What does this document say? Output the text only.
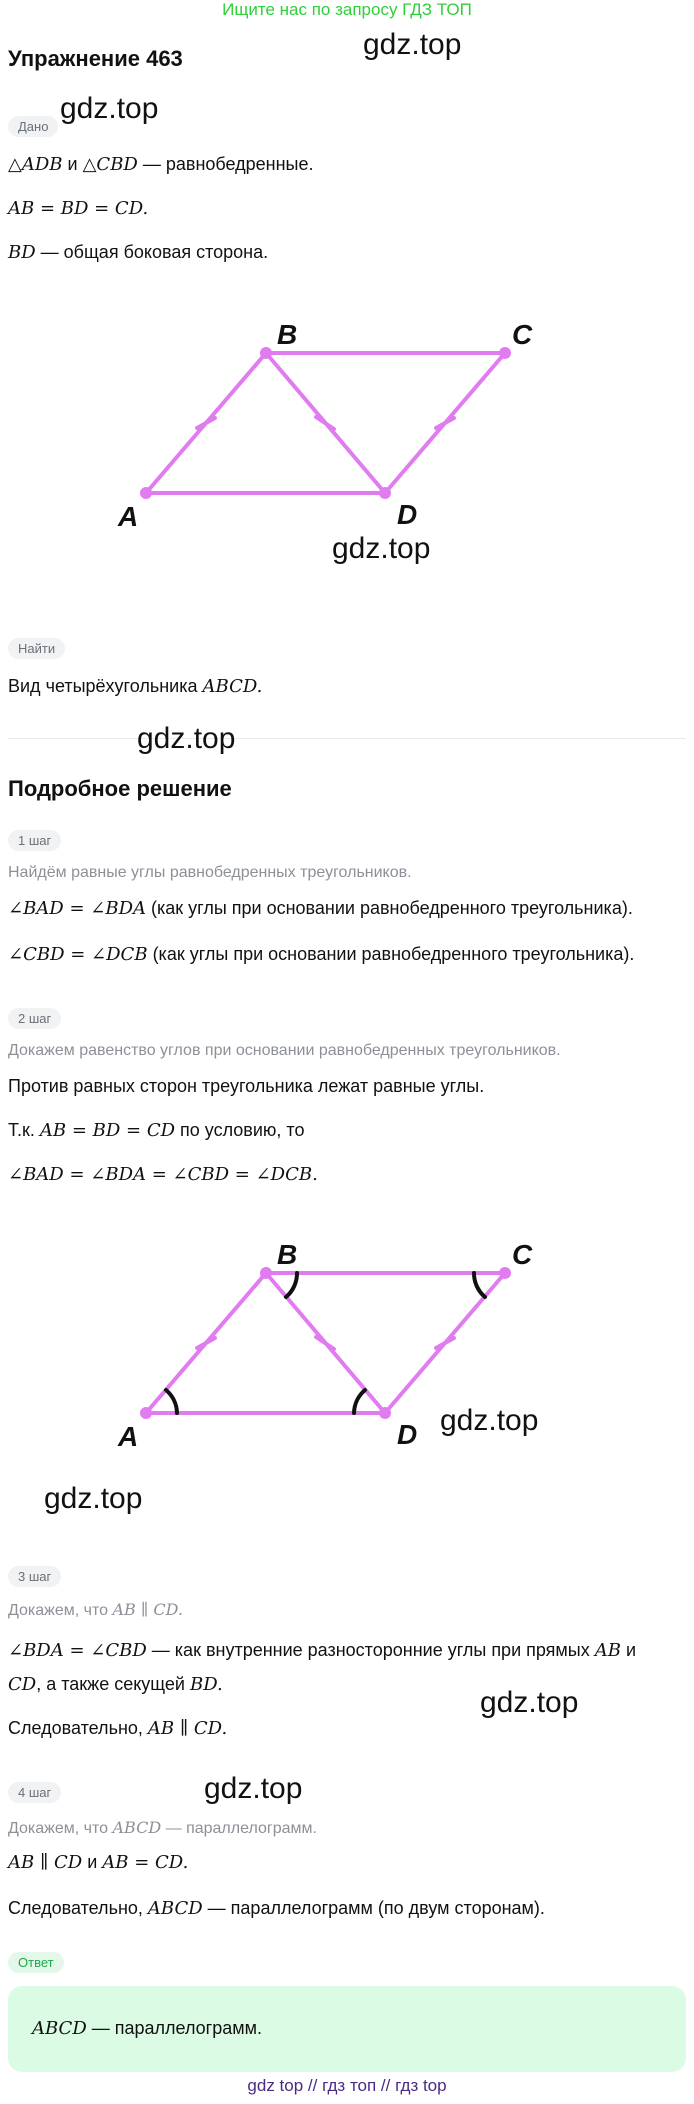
Ищите нас по запросу ГДЗ ТОП
Упражнение 463	gdz.top
Дано
gdz.top
△ADB и △CBD — равнобедренные.
AB = BD = CD.
BD — общая боковая сторона.
A
B	C
D
gdz.top
Найти
Вид четырёхугольника ABCD.
gdz.top
Подробное решение
1 шаг
Найдём равные углы равнобедренных треугольников.
∠BAD = ∠BDA (как углы при основании равнобедренного треугольника).
∠CBD = ∠DCB (как углы при основании равнобедренного треугольника).
2 шаг
Докажем равенство углов при основании равнобедренных треугольников.
Против равных сторон треугольника лежат равные углы.
Т.к. AB = BD = CD по условию, то
∠BAD = ∠BDA = ∠CBD = ∠DCB.
A
B	C
D gdz.top
gdz.top
3 шаг
Докажем, что AB ∥ CD.
∠BDA = ∠CBD — как внутренние разносторонние углы при прямых AB и
CD, а также секущей BD.
Следовательно, AB ∥ CD.
gdz.top
4 шаг	gdz.top
Докажем, что ABCD — параллелограмм.
AB ∥ CD и AB = CD.
Следовательно, ABCD — параллелограмм (по двум сторонам).
Ответ
ABCD — параллелограмм.
gdz top // гдз топ // гдз top
